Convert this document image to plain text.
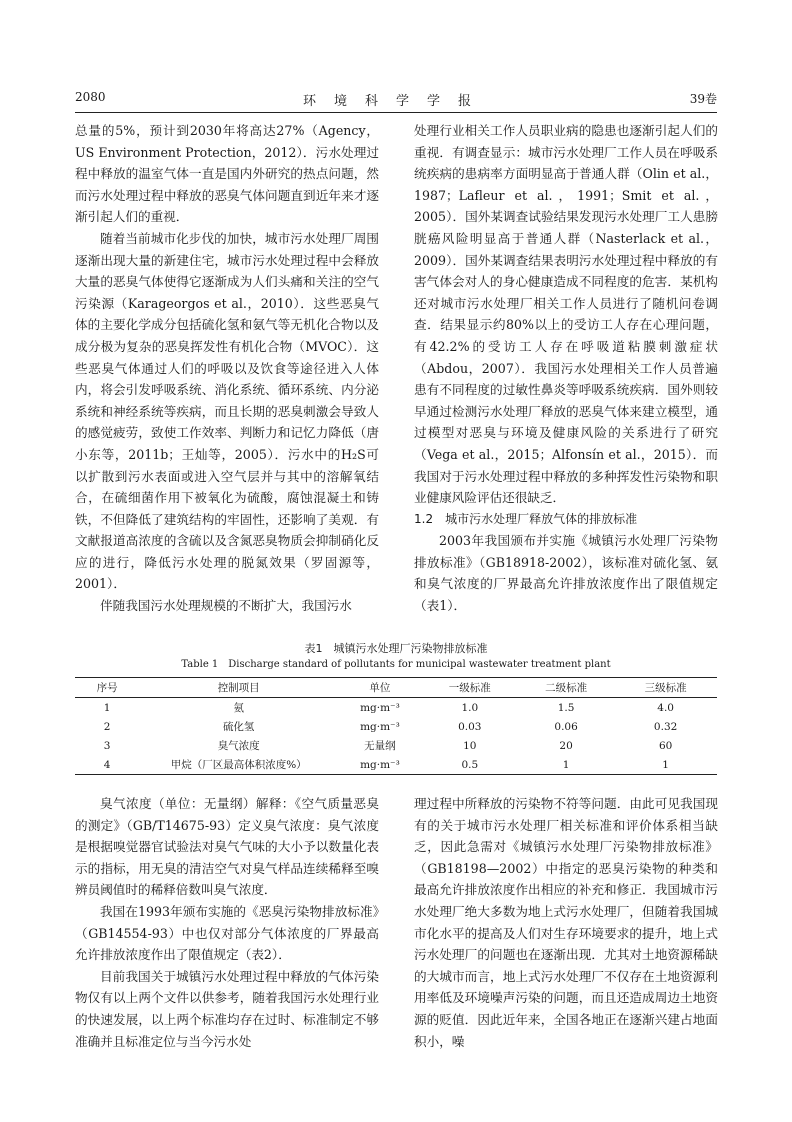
2080	环境科学学报	39卷

总量的5%，预计到2030年将高达27%（Agency，US Environment Protection，2012）．污水处理过程中释放的温室气体一直是国内外研究的热点问题，然而污水处理过程中释放的恶臭气体问题直到近年来才逐渐引起人们的重视．

随着当前城市化步伐的加快，城市污水处理厂周围逐渐出现大量的新建住宅，城市污水处理过程中会释放大量的恶臭气体使得它逐渐成为人们头痛和关注的空气污染源（Karageorgos et al.，2010）．这些恶臭气体的主要化学成分包括硫化氢和氨气等无机化合物以及成分极为复杂的恶臭挥发性有机化合物（MVOC）．这些恶臭气体通过人们的呼吸以及饮食等途径进入人体内，将会引发呼吸系统、消化系统、循环系统、内分泌系统和神经系统等疾病，而且长期的恶臭刺激会导致人的感觉疲劳，致使工作效率、判断力和记忆力降低（唐小东等，2011b；王灿等，2005）．污水中的H₂S可以扩散到污水表面或进入空气层并与其中的溶解氧结合，在硫细菌作用下被氧化为硫酸，腐蚀混凝土和铸铁，不但降低了建筑结构的牢固性，还影响了美观．有文献报道高浓度的含硫以及含氮恶臭物质会抑制硝化反应的进行，降低污水处理的脱氮效果（罗固源等，2001）．

伴随我国污水处理规模的不断扩大，我国污水

处理行业相关工作人员职业病的隐患也逐渐引起人们的重视．有调查显示：城市污水处理厂工作人员在呼吸系统疾病的患病率方面明显高于普通人群（Olin et al.，1987；Lafleur et al.，1991；Smit et al.，2005）．国外某调查试验结果发现污水处理厂工人患膀胱癌风险明显高于普通人群（Nasterlack et al.，2009）．国外某调查结果表明污水处理过程中释放的有害气体会对人的身心健康造成不同程度的危害．某机构还对城市污水处理厂相关工作人员进行了随机问卷调查．结果显示约80%以上的受访工人存在心理问题，有42.2%的受访工人存在呼吸道粘膜刺激症状（Abdou，2007）．我国污水处理相关工作人员普遍患有不同程度的过敏性鼻炎等呼吸系统疾病．国外则较早通过检测污水处理厂释放的恶臭气体来建立模型，通过模型对恶臭与环境及健康风险的关系进行了研究（Vega et al.，2015；Alfonsín et al.，2015）．而我国对于污水处理过程中释放的多种挥发性污染物和职业健康风险评估还很缺乏．

1.2　城市污水处理厂释放气体的排放标准

2003年我国颁布并实施《城镇污水处理厂污染物排放标准》（GB18918-2002），该标准对硫化氢、氨和臭气浓度的厂界最高允许排放浓度作出了限值规定（表1）．

表1　城镇污水处理厂污染物排放标准
Table 1　Discharge standard of pollutants for municipal wastewater treatment plant
序号	控制项目	单位	一级标准	二级标准	三级标准
1	氨	mg·m⁻³	1.0	1.5	4.0
2	硫化氢	mg·m⁻³	0.03	0.06	0.32
3	臭气浓度	无量纲	10	20	60
4	甲烷（厂区最高体积浓度%）	mg·m⁻³	0.5	1	1

臭气浓度（单位：无量纲）解释：《空气质量恶臭的测定》（GB/T14675-93）定义臭气浓度：臭气浓度是根据嗅觉器官试验法对臭气气味的大小予以数量化表示的指标，用无臭的清洁空气对臭气样品连续稀释至嗅辨员阈值时的稀释倍数叫臭气浓度．

我国在1993年颁布实施的《恶臭污染物排放标准》（GB14554-93）中也仅对部分气体浓度的厂界最高允许排放浓度作出了限值规定（表2）．

目前我国关于城镇污水处理过程中释放的气体污染物仅有以上两个文件以供参考，随着我国污水处理行业的快速发展，以上两个标准均存在过时、标准制定不够准确并且标准定位与当今污水处

理过程中所释放的污染物不符等问题．由此可见我国现有的关于城市污水处理厂相关标准和评价体系相当缺乏，因此急需对《城镇污水处理厂污染物排放标准》（GB18198—2002）中指定的恶臭污染物的种类和最高允许排放浓度作出相应的补充和修正．我国城市污水处理厂绝大多数为地上式污水处理厂，但随着我国城市化水平的提高及人们对生存环境要求的提升，地上式污水处理厂的问题也在逐渐出现．尤其对土地资源稀缺的大城市而言，地上式污水处理厂不仅存在土地资源利用率低及环境噪声污染的问题，而且还造成周边土地资源的贬值．因此近年来，全国各地正在逐渐兴建占地面积小，噪
